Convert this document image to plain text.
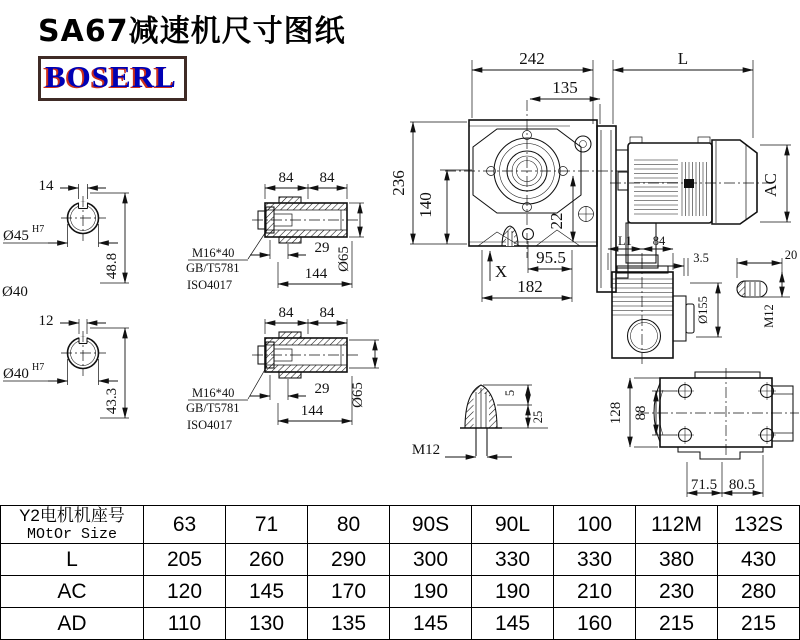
SA67减速机尺寸图纸
BOSERL
242	L
135
236
140
AC
22
95.5
182
X
14
Ø45 H7
48.8
Ø40
12
Ø40 H7
43.3
84 84
29
144
Ø65
M16*40
GB/T5781
ISO4017
84 84
29
144
Ø65
M16*40
GB/T5781
ISO4017
L1 84
Ø155
3.5	20
M12
M12
5
25	128 88
71.5 80.5
Y2电机机座号
MOtOr Size	63	71	80	90S	90L	100	112M	132S
L	205	260	290	300	330	330	380	430
AC	120	145	170	190	190	210	230	280
AD	110	130	135	145	145	160	215	215
